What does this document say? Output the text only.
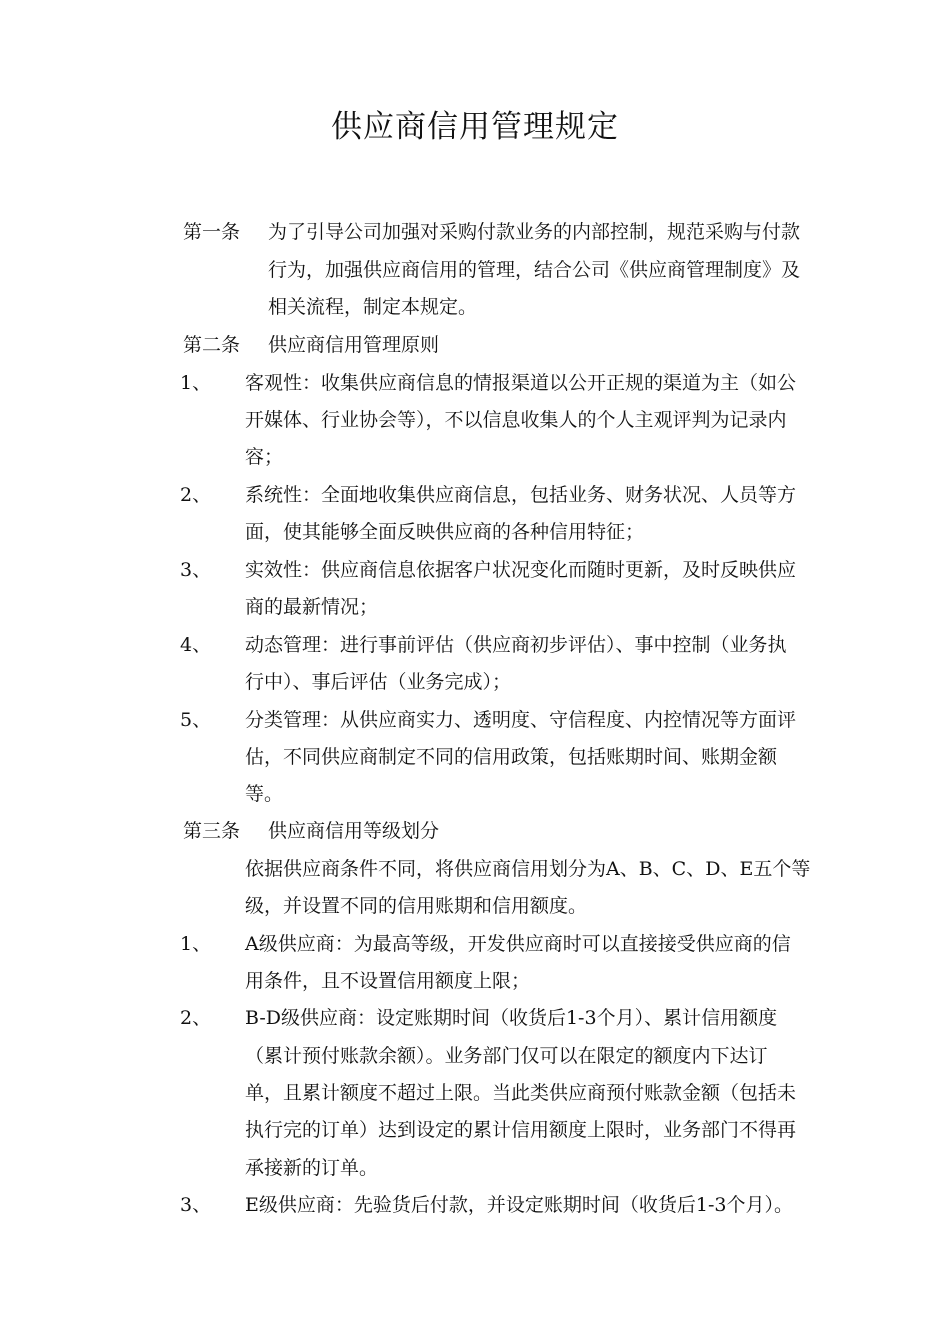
供应商信用管理规定
第一条 为了引导公司加强对采购付款业务的内部控制，规范采购与付款
行为，加强供应商信用的管理，结合公司《供应商管理制度》及
相关流程，制定本规定。
第二条 供应商信用管理原则
1、 客观性：收集供应商信息的情报渠道以公开正规的渠道为主（如公
开媒体、行业协会等），不以信息收集人的个人主观评判为记录内
容；
2、 系统性：全面地收集供应商信息，包括业务、财务状况、人员等方
面，使其能够全面反映供应商的各种信用特征；
3、 实效性：供应商信息依据客户状况变化而随时更新，及时反映供应
商的最新情况；
4、 动态管理：进行事前评估（供应商初步评估）、事中控制（业务执
行中）、事后评估（业务完成）；
5、 分类管理：从供应商实力、透明度、守信程度、内控情况等方面评
估，不同供应商制定不同的信用政策，包括账期时间、账期金额
等。
第三条 供应商信用等级划分
依据供应商条件不同，将供应商信用划分为A、B、C、D、E五个等
级，并设置不同的信用账期和信用额度。
1、 A级供应商：为最高等级，开发供应商时可以直接接受供应商的信
用条件，且不设置信用额度上限；
2、 B-D级供应商：设定账期时间（收货后1-3个月）、累计信用额度
（累计预付账款余额）。业务部门仅可以在限定的额度内下达订
单，且累计额度不超过上限。当此类供应商预付账款金额（包括未
执行完的订单）达到设定的累计信用额度上限时，业务部门不得再
承接新的订单。
3、 E级供应商：先验货后付款，并设定账期时间（收货后1-3个月）。
